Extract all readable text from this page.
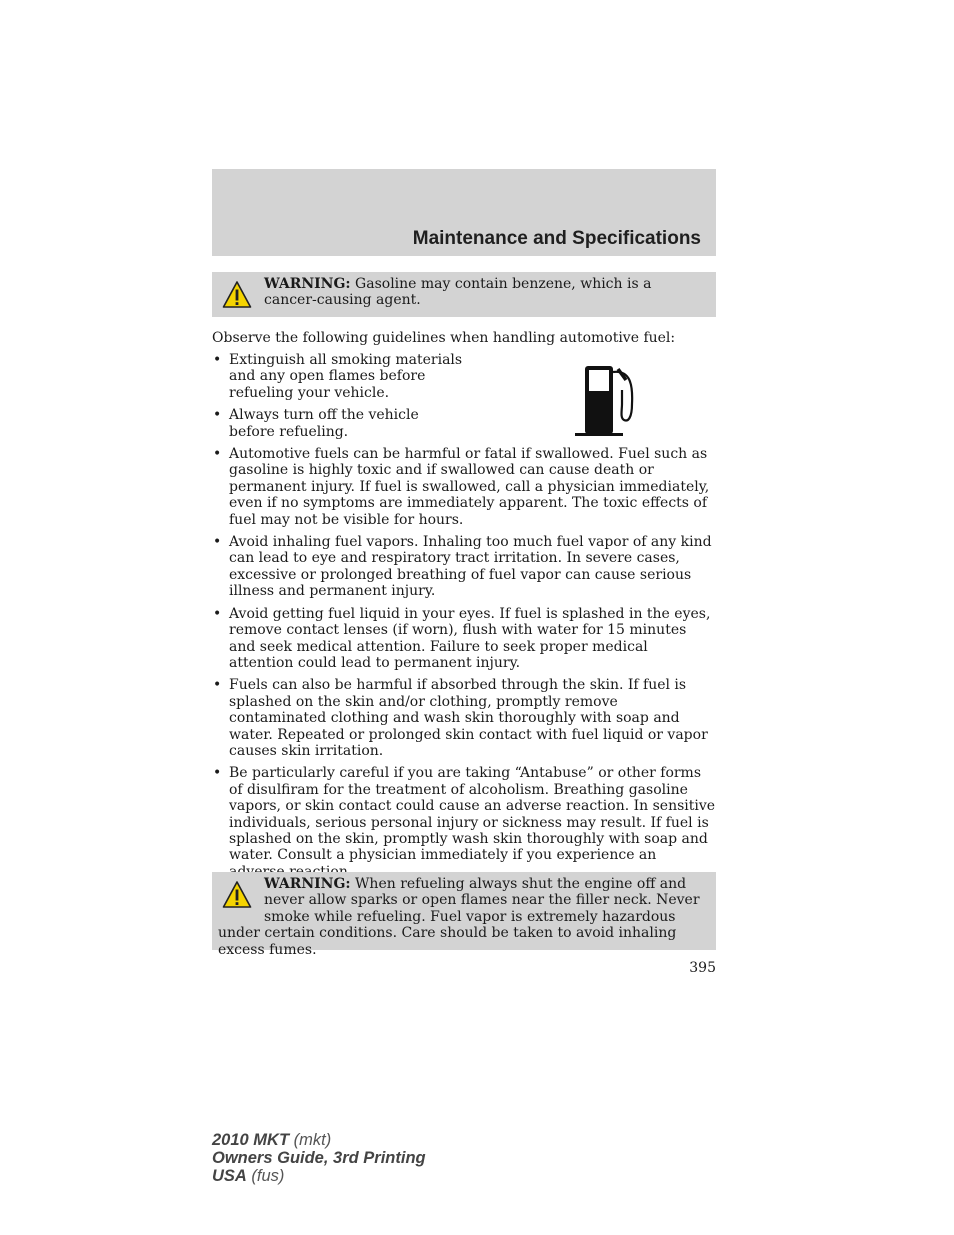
Maintenance and Specifications
WARNING: Gasoline may contain benzene, which is a cancer-causing agent.
Observe the following guidelines when handling automotive fuel:
• Extinguish all smoking materials and any open flames before refueling your vehicle.
• Always turn off the vehicle before refueling.
• Automotive fuels can be harmful or fatal if swallowed. Fuel such as gasoline is highly toxic and if swallowed can cause death or permanent injury. If fuel is swallowed, call a physician immediately, even if no symptoms are immediately apparent. The toxic effects of fuel may not be visible for hours.
• Avoid inhaling fuel vapors. Inhaling too much fuel vapor of any kind can lead to eye and respiratory tract irritation. In severe cases, excessive or prolonged breathing of fuel vapor can cause serious illness and permanent injury.
• Avoid getting fuel liquid in your eyes. If fuel is splashed in the eyes, remove contact lenses (if worn), flush with water for 15 minutes and seek medical attention. Failure to seek proper medical attention could lead to permanent injury.
• Fuels can also be harmful if absorbed through the skin. If fuel is splashed on the skin and/or clothing, promptly remove contaminated clothing and wash skin thoroughly with soap and water. Repeated or prolonged skin contact with fuel liquid or vapor causes skin irritation.
• Be particularly careful if you are taking “Antabuse” or other forms of disulfiram for the treatment of alcoholism. Breathing gasoline vapors, or skin contact could cause an adverse reaction. In sensitive individuals, serious personal injury or sickness may result. If fuel is splashed on the skin, promptly wash skin thoroughly with soap and water. Consult a physician immediately if you experience an
WARNING: When refueling always shut the engine off and never allow sparks or open flames near the filler neck. Never smoke while refueling. Fuel vapor is extremely hazardous under certain conditions. Care should be taken to avoid inhaling excess fumes.
395
2010 MKT (mkt)
Owners Guide, 3rd Printing
USA (fus)
